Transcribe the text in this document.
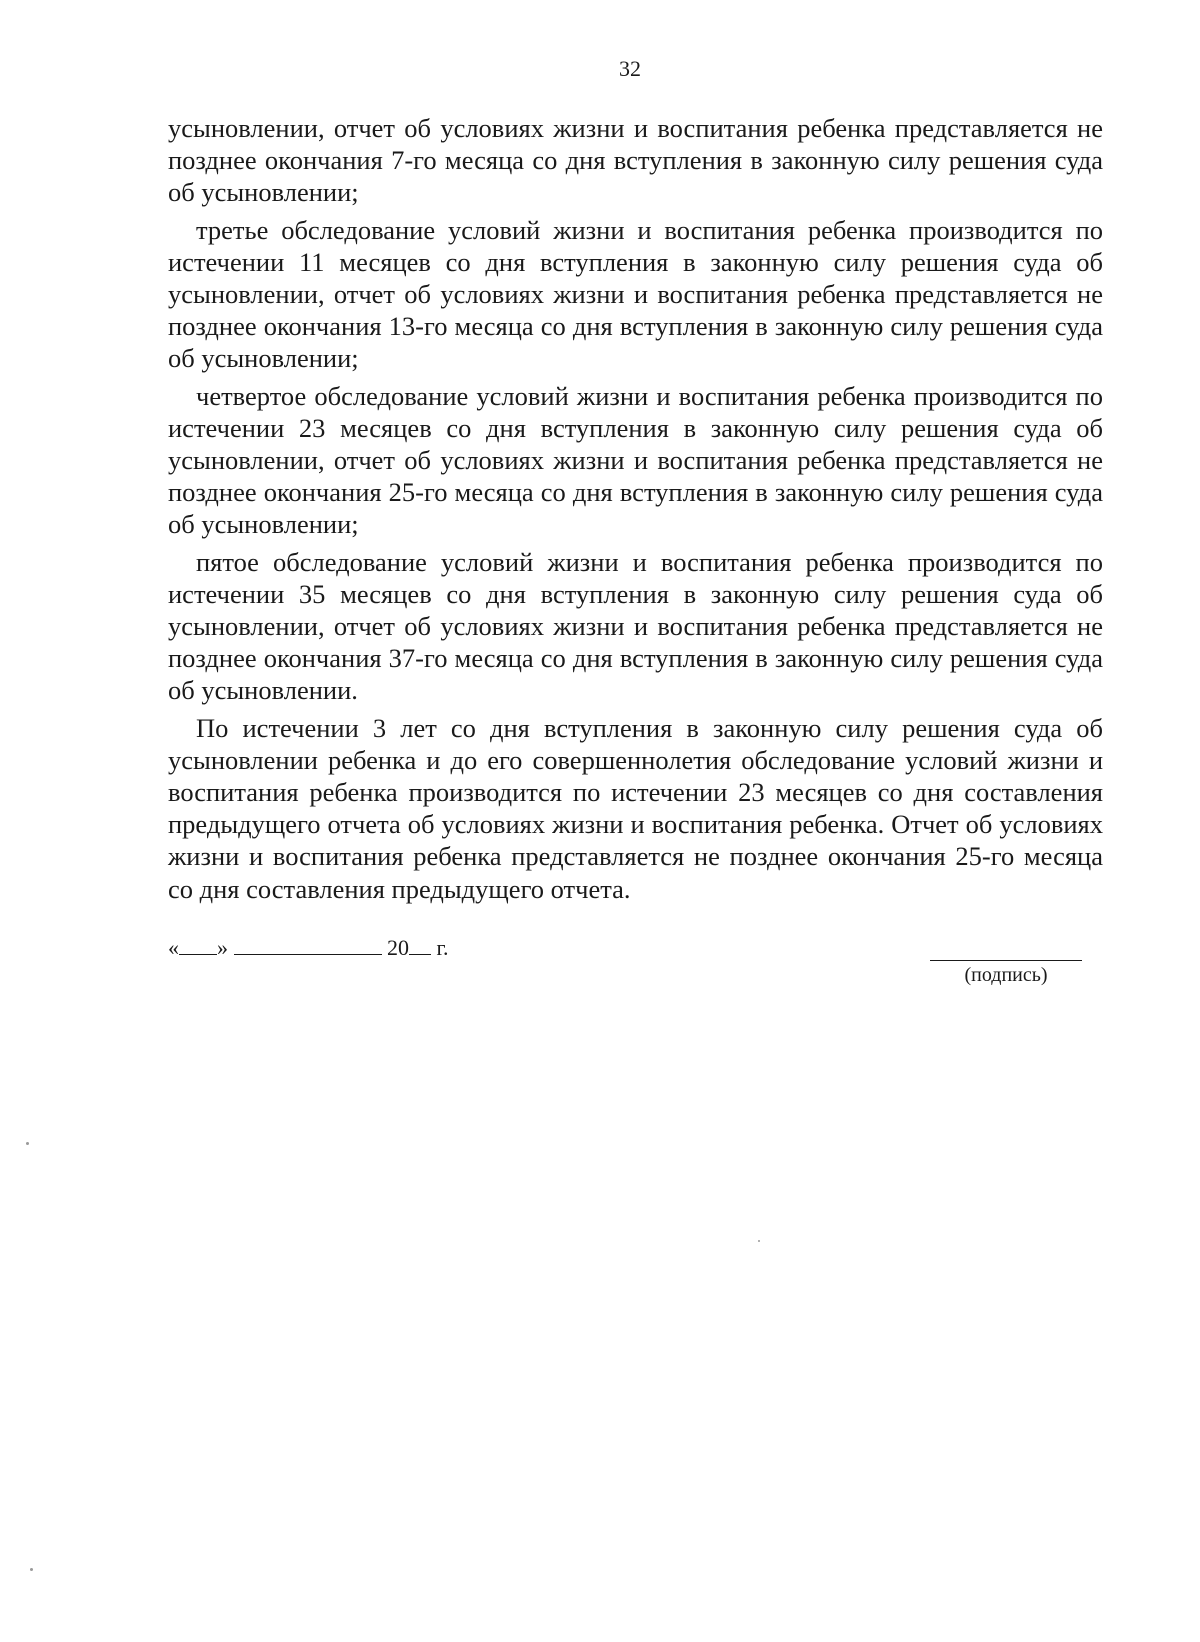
32

усыновлении, отчет об условиях жизни и воспитания ребенка представляется не позднее окончания 7-го месяца со дня вступления в законную силу решения суда об усыновлении;

третье обследование условий жизни и воспитания ребенка производится по истечении 11 месяцев со дня вступления в законную силу решения суда об усыновлении, отчет об условиях жизни и воспитания ребенка представляется не позднее окончания 13-го месяца со дня вступления в законную силу решения суда об усыновлении;

четвертое обследование условий жизни и воспитания ребенка производится по истечении 23 месяцев со дня вступления в законную силу решения суда об усыновлении, отчет об условиях жизни и воспитания ребенка представляется не позднее окончания 25-го месяца со дня вступления в законную силу решения суда об усыновлении;

пятое обследование условий жизни и воспитания ребенка производится по истечении 35 месяцев со дня вступления в законную силу решения суда об усыновлении, отчет об условиях жизни и воспитания ребенка представляется не позднее окончания 37-го месяца со дня вступления в законную силу решения суда об усыновлении.

По истечении 3 лет со дня вступления в законную силу решения суда об усыновлении ребенка и до его совершеннолетия обследование условий жизни и воспитания ребенка производится по истечении 23 месяцев со дня составления предыдущего отчета об условиях жизни и воспитания ребенка. Отчет об условиях жизни и воспитания ребенка представляется не позднее окончания 25-го месяца со дня составления предыдущего отчета.

« »	20 г.
(подпись)
